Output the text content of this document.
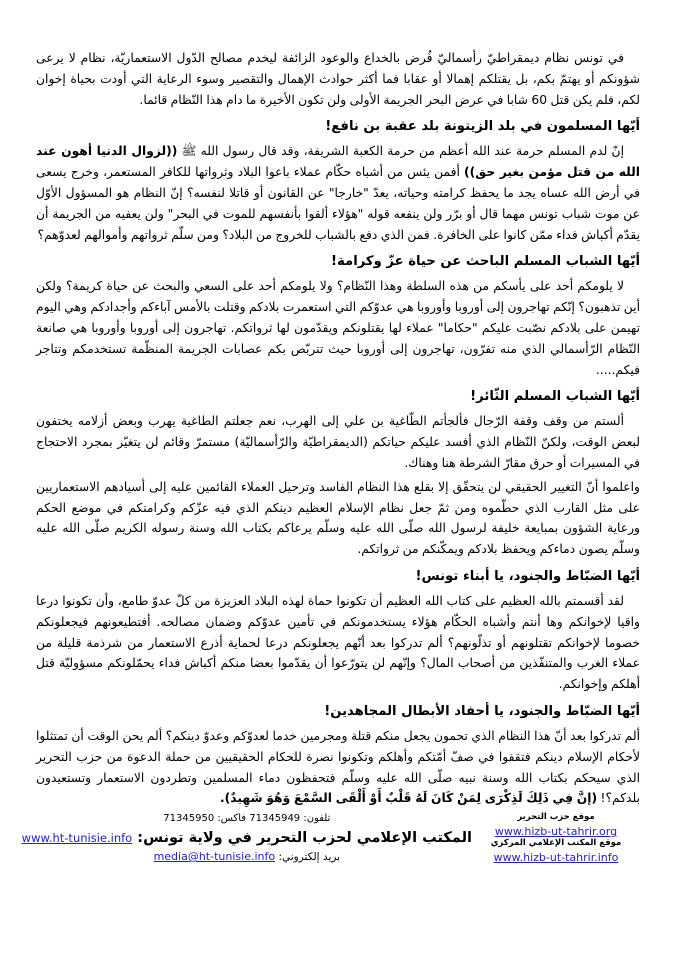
في تونس نظام ديمقراطيّ رأسماليّ فُرض بالخداع والوعود الزائفة ليخدم مصالح الدّول الاستعماريّة، نظام لا يرعى شؤونكم أو يهتمّ بكم، بل يقتلكم إهمالا أو عقابا فما أكثر حوادث الإهمال والتقصير وسوء الرعاية التي أودت بحياة إخوان لكم، فلم يكن قتل 60 شابا في عرض البحر الجريمة الأولى ولن تكون الأخيرة ما دام هذا النّظام قائما.

أيّها المسلمون في بلد الزيتونة بلد عقبة بن نافع!

إنّ لدم المسلم حرمة عند الله أعظم من حرمة الكعبة الشريفة، وقد قال رسول الله ﷺ ((لزوال الدنيا أهون عند الله من قتل مؤمن بغير حق)) أفمن يئس من أشباه حكّام عملاء باعوا البلاد وثرواتها للكافر المستعمر، وخرج يسعى في أرض الله عساه يجد ما يحفظ كرامته وحياته، يعدّ "خارجا" عن القانون أو قاتلا لنفسه؟ إنّ النظام هو المسؤول الأوّل عن موت شباب تونس مهما قال أو برّر ولن ينفعه قوله "هؤلاء ألقوا بأنفسهم للموت في البحر" ولن يعفيه من الجريمة أن يقدّم أكباش فداء ممّن كانوا على الخافرة. فمن الذي دفع بالشباب للخروج من البلاد؟ ومن سلّم ثرواتهم وأموالهم لعدوّهم؟

أيّها الشباب المسلم الباحث عن حياة عزّ وكرامة!

لا يلومكم أحد على يأسكم من هذه السلطة وهذا النّظام؟ ولا يلومكم أحد على السعي والبحث عن حياة كريمة؟ ولكن أين تذهبون؟ إنّكم تهاجرون إلى أوروبا وأوروبا هي عدوّكم التي استعمرت بلادكم وقتلت بالأمس آباءكم وأجدادكم وهي اليوم تهيمن على بلادكم نصّبت عليكم "حكاما" عملاء لها يقتلونكم ويقدّمون لها ثرواتكم. تهاجرون إلى أوروبا وأوروبا هي صانعة النّظام الرّأسمالي الذي منه تفرّون، تهاجرون إلى أوروبا حيث تتربّص بكم عصابات الجريمة المنظّمة تستخدمكم وتتاجر فيكم.....

أيّها الشباب المسلم الثّائر!

ألستم من وقف وقفة الرّجال فألجأتم الطّاغية بن علي إلى الهرب، نعم جعلتم الطاغية يهرب وبعض أزلامه يختفون لبعض الوقت، ولكنّ النّظام الذي أفسد عليكم حياتكم (الديمقراطيّة والرّأسماليّة) مستمرّ وقائم لن يتغيّر بمجرد الاحتجاج في المسيرات أو حرق مقارّ الشرطة هنا وهناك.

واعلموا أنّ التغيير الحقيقي لن يتحقّق إلا بقلع هذا النظام الفاسد وترحيل العملاء القائمين عليه إلى أسيادهم الاستعماريين على مثل القارب الذي حطّموه ومن ثمّ جعل نظام الإسلام العظيم دينكم الذي فيه عزّكم وكرامتكم في موضع الحكم ورعاية الشؤون بمبايعة خليفة لرسول الله صلّى الله عليه وسلّم يرعاكم بكتاب الله وسنة رسوله الكريم صلّى الله عليه وسلّم يصون دماءكم ويحفظ بلادكم ويمكّنكم من ثرواتكم.

أيّها الضبّاط والجنود، يا أبناء تونس!

لقد أقسمتم بالله العظيم على كتاب الله العظيم أن تكونوا حماة لهذه البلاد العزيزة من كلّ عدوّ طامع، وأن تكونوا درعا واقيا لإخوانكم وها أنتم وأشباه الحكّام هؤلاء يستخدمونكم في تأمين عدوّكم وضمان مصالحه. أفتطيعونهم فيجعلونكم خصوما لإخوانكم تقتلونهم أو تذلّونهم؟ ألم تدركوا بعد أنّهم يجعلونكم درعا لحماية أذرع الاستعمار من شرذمة قليلة من عملاء الغرب والمتنفّذين من أصحاب المال؟ وإنّهم لن يتورّعوا أن يقدّموا بعضا منكم أكباش فداء يحمّلونكم مسؤوليّة قتل أهلكم وإخوانكم.

أيّها الضبّاط والجنود، يا أحفاد الأبطال المجاهدين!

ألم تدركوا بعد أنّ هذا النظام الذي تحمون يجعل منكم قتلة ومجرمين خدما لعدوّكم وعدوّ دينكم؟ ألم يحن الوقت أن تمتثلوا لأحكام الإسلام دينكم فتقفوا في صفّ أمّتكم وأهلكم وتكونوا نصرة للحكام الحقيقيين من حملة الدعوة من حزب التحرير الذي سيحكم بكتاب الله وسنة نبيه صلّى الله عليه وسلّم فتحفظون دماء المسلمين وتطردون الاستعمار وتستعيدون بلدكم؟! (إنَّ فِي ذَلِكَ لَذِكْرَى لِمَنْ كَانَ لَهُ قَلْبٌ أَوْ أَلْقَى السَّمْعَ وَهُوَ شَهِيدٌ).

موقع حزب التحرير
www.hizb-ut-tahrir.org
موقع المكتب الإعلامي المركزي
www.hizb-ut-tahrir.info
تلفون: 71345949 فاكس: 71345950
المكتب الإعلامي لحزب التحرير في ولاية تونس: www.ht-tunisie.info
بريد إلكتروني: media@ht-tunisie.info
